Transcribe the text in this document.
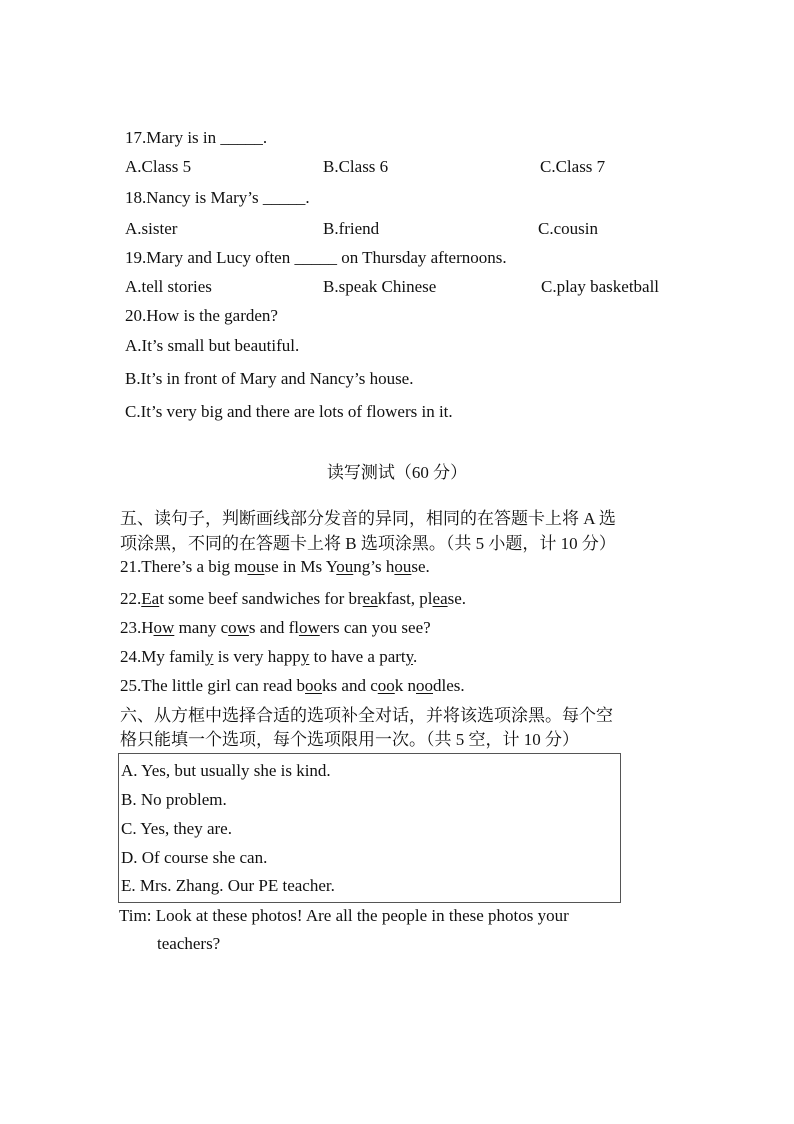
17.Mary is in _____.
A.Class 5	B.Class 6	C.Class 7
18.Nancy is Mary’s _____.
A.sister	B.friend	C.cousin
19.Mary and Lucy often _____ on Thursday afternoons.
A.tell stories	B.speak Chinese	C.play basketball
20.How is the garden?
A.It’s small but beautiful.
B.It’s in front of Mary and Nancy’s house.
C.It’s very big and there are lots of flowers in it.
读写测试（60 分）
五、读句子，判断画线部分发音的异同，相同的在答题卡上将 A 选
项涂黑，不同的在答题卡上将 B 选项涂黑。（共 5 小题，计 10 分）
21.There’s a big mouse in Ms Young’s house.
22.Eat some beef sandwiches for breakfast, please.
23.How many cows and flowers can you see?
24.My family is very happy to have a party.
25.The little girl can read books and cook noodles.
六、从方框中选择合适的选项补全对话，并将该选项涂黑。每个空
格只能填一个选项，每个选项限用一次。（共 5 空，计 10 分）
A. Yes, but usually she is kind.
B. No problem.
C. Yes, they are.
D. Of course she can.
E. Mrs. Zhang. Our PE teacher.
Tim: Look at these photos! Are all the people in these photos your
teachers?
